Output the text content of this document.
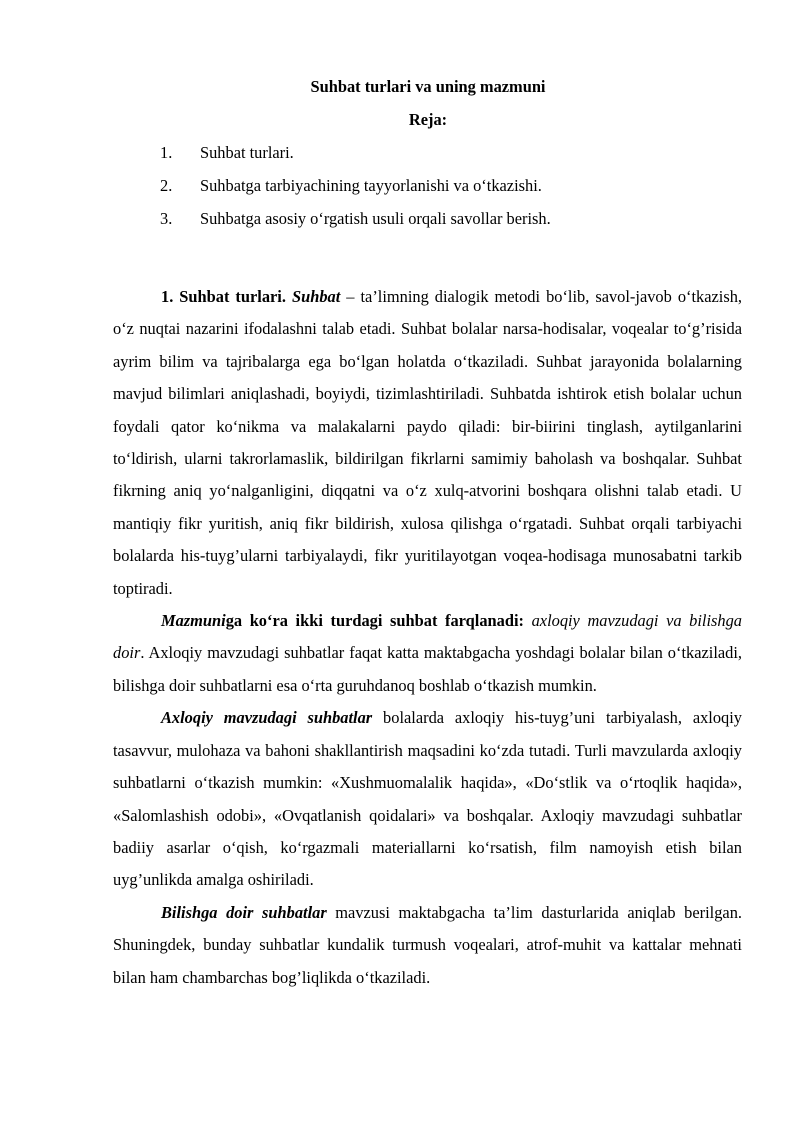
Suhbat turlari va uning mazmuni
Reja:
1.	Suhbat turlari.
2.	Suhbatga tarbiyachining tayyorlanishi va o‘tkazishi.
3.	Suhbatga asosiy o‘rgatish usuli orqali savollar berish.

1. Suhbat turlari. Suhbat – ta’limning dialogik metodi bo‘lib, savol-javob o‘tkazish, o‘z nuqtai nazarini ifodalashni talab etadi. Suhbat bolalar narsa-hodisalar, voqealar to‘g’risida ayrim bilim va tajribalarga ega bo‘lgan holatda o‘tkaziladi. Suhbat jarayonida bolalarning mavjud bilimlari aniqlashadi, boyiydi, tizimlashtiriladi. Suhbatda ishtirok etish bolalar uchun foydali qator ko‘nikma va malakalarni paydo qiladi: bir-biirini tinglash, aytilganlarini to‘ldirish, ularni takrorlamaslik, bildirilgan fikrlarni samimiy baholash va boshqalar. Suhbat fikrning aniq yo‘nalganligini, diqqatni va o‘z xulq-atvorini boshqara olishni talab etadi. U mantiqiy fikr yuritish, aniq fikr bildirish, xulosa qilishga o‘rgatadi. Suhbat orqali tarbiyachi bolalarda his-tuyg’ularni tarbiyalaydi, fikr yuritilayotgan voqea-hodisaga munosabatni tarkib toptiradi.

Mazmuniga ko‘ra ikki turdagi suhbat farqlanadi: axloqiy mavzudagi va bilishga doir. Axloqiy mavzudagi suhbatlar faqat katta maktabgacha yoshdagi bolalar bilan o‘tkaziladi, bilishga doir suhbatlarni esa o‘rta guruhdanoq boshlab o‘tkazish mumkin.

Axloqiy mavzudagi suhbatlar bolalarda axloqiy his-tuyg’uni tarbiyalash, axloqiy tasavvur, mulohaza va bahoni shakllantirish maqsadini ko‘zda tutadi. Turli mavzularda axloqiy suhbatlarni o‘tkazish mumkin: «Xushmuomalalik haqida», «Do‘stlik va o‘rtoqlik haqida», «Salomlashish odobi», «Ovqatlanish qoidalari» va boshqalar. Axloqiy mavzudagi suhbatlar badiiy asarlar o‘qish, ko‘rgazmali materiallarni ko‘rsatish, film namoyish etish bilan uyg’unlikda amalga oshiriladi.

Bilishga doir suhbatlar mavzusi maktabgacha ta’lim dasturlarida aniqlab berilgan. Shuningdek, bunday suhbatlar kundalik turmush voqealari, atrof-muhit va kattalar mehnati bilan ham chambarchas bog’liqlikda o‘tkaziladi.
